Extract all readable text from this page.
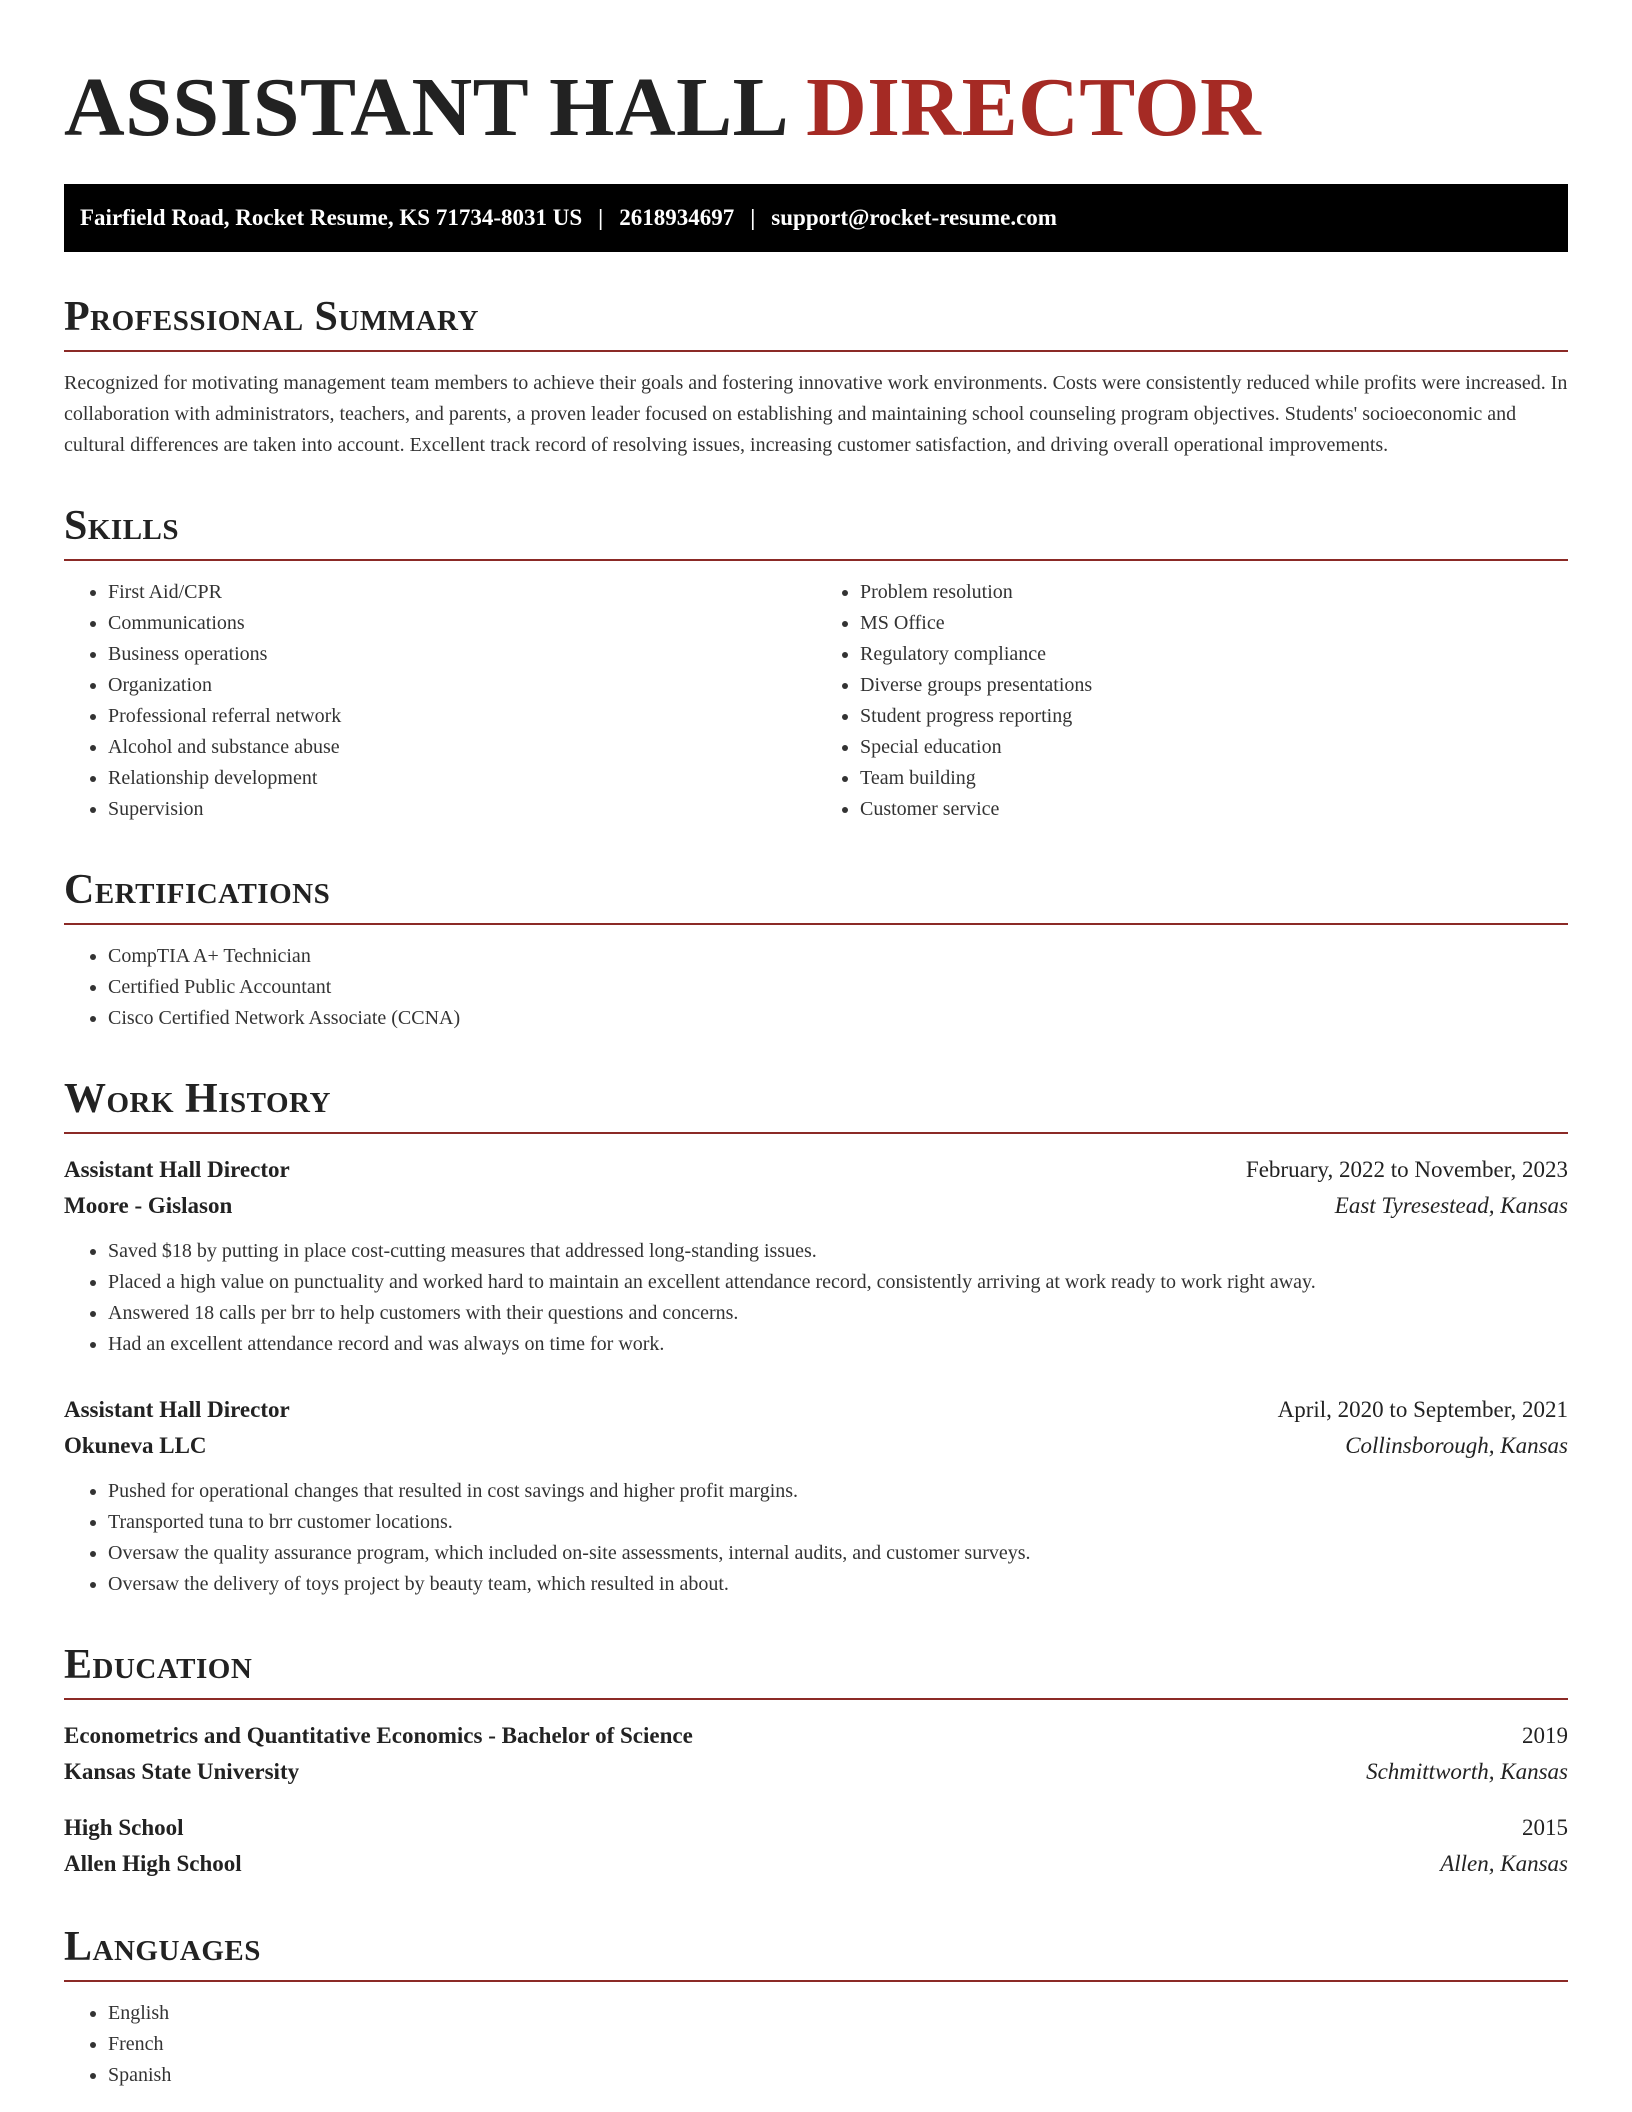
ASSISTANT HALL DIRECTOR
Fairfield Road, Rocket Resume, KS 71734-8031 US | 2618934697 | support@rocket-resume.com
Professional Summary
Recognized for motivating management team members to achieve their goals and fostering innovative work environments. Costs were consistently reduced while profits were increased. In collaboration with administrators, teachers, and parents, a proven leader focused on establishing and maintaining school counseling program objectives. Students' socioeconomic and cultural differences are taken into account. Excellent track record of resolving issues, increasing customer satisfaction, and driving overall operational improvements.
Skills
• First Aid/CPR
• Communications
• Business operations
• Organization
• Professional referral network
• Alcohol and substance abuse
• Relationship development
• Supervision
• Problem resolution
• MS Office
• Regulatory compliance
• Diverse groups presentations
• Student progress reporting
• Special education
• Team building
• Customer service
Certifications
• CompTIA A+ Technician
• Certified Public Accountant
• Cisco Certified Network Associate (CCNA)
Work History
Assistant Hall Director	February, 2022 to November, 2023
Moore - Gislason	East Tyresestead, Kansas
• Saved $18 by putting in place cost-cutting measures that addressed long-standing issues.
• Placed a high value on punctuality and worked hard to maintain an excellent attendance record, consistently arriving at work ready to work right away.
• Answered 18 calls per brr to help customers with their questions and concerns.
• Had an excellent attendance record and was always on time for work.
Assistant Hall Director	April, 2020 to September, 2021
Okuneva LLC	Collinsborough, Kansas
• Pushed for operational changes that resulted in cost savings and higher profit margins.
• Transported tuna to brr customer locations.
• Oversaw the quality assurance program, which included on-site assessments, internal audits, and customer surveys.
• Oversaw the delivery of toys project by beauty team, which resulted in about.
Education
Econometrics and Quantitative Economics - Bachelor of Science	2019
Kansas State University	Schmittworth, Kansas
High School	2015
Allen High School	Allen, Kansas
Languages
• English
• French
• Spanish
